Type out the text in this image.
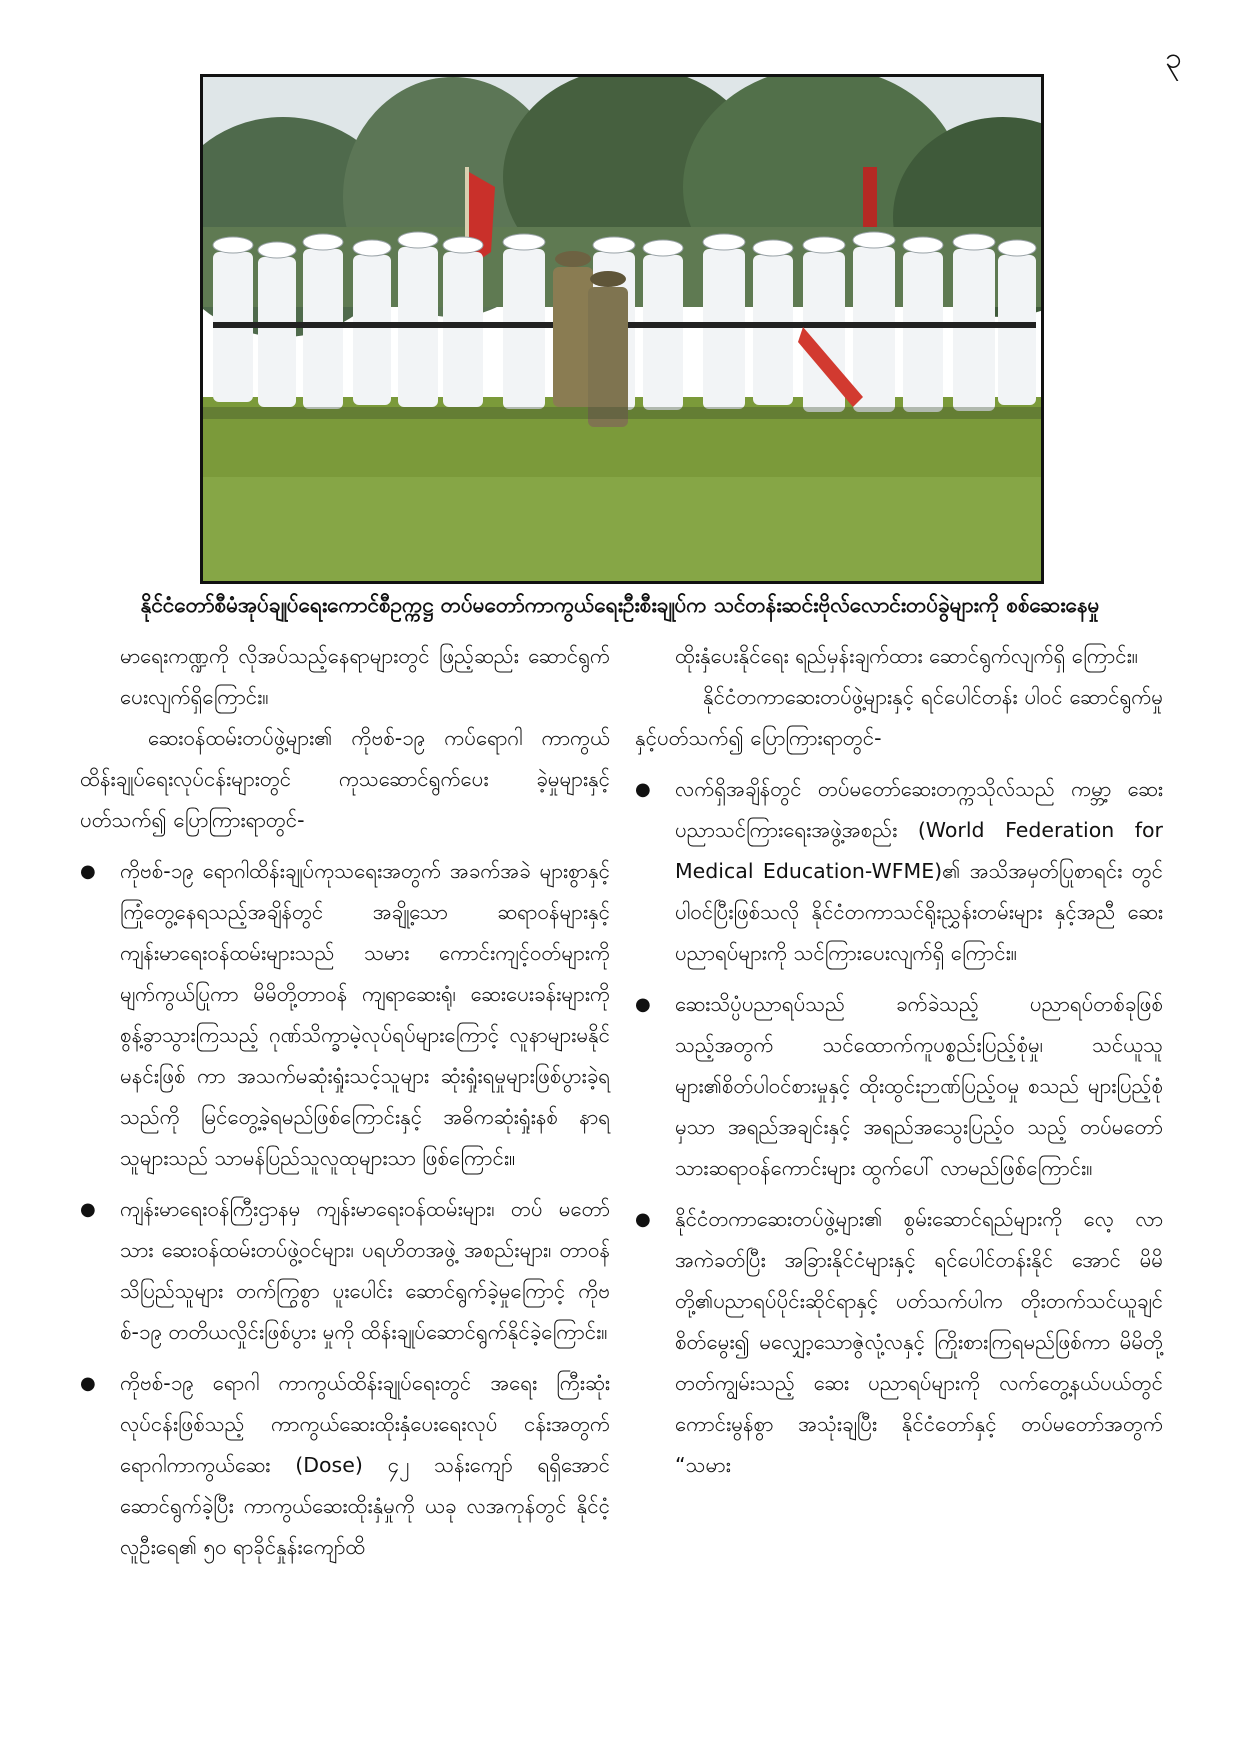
၃
နိုင်ငံတော်စီမံအုပ်ချုပ်ရေးကောင်စီဥက္ကဋ္ဌ တပ်မတော်ကာကွယ်ရေးဦးစီးချုပ်က သင်တန်းဆင်းဗိုလ်လောင်းတပ်ခွဲများကို စစ်ဆေးနေမှု

မာရေးကဏ္ဍကို လိုအပ်သည့်နေရာများတွင် ဖြည့်ဆည်း ဆောင်ရွက်ပေးလျက်ရှိကြောင်း။

ဆေးဝန်ထမ်းတပ်ဖွဲ့များ၏ ကိုဗစ်-၁၉ ကပ်ရောဂါ ကာကွယ်ထိန်းချုပ်ရေးလုပ်ငန်းများတွင် ကုသဆောင်ရွက်ပေး ခဲ့မှုများနှင့်ပတ်သက်၍ ပြောကြားရာတွင်-

● ကိုဗစ်-၁၉ ရောဂါထိန်းချုပ်ကုသရေးအတွက် အခက်အခဲ များစွာနှင့် ကြုံတွေ့နေရသည့်အချိန်တွင် အချို့သော ဆရာဝန်များနှင့် ကျန်းမာရေးဝန်ထမ်းများသည် သမား ကောင်းကျင့်ဝတ်များကို မျက်ကွယ်ပြုကာ မိမိတို့တာဝန် ကျရာဆေးရုံ၊ ဆေးပေးခန်းများကို စွန့်ခွာသွားကြသည့် ဂုဏ်သိက္ခာမဲ့လုပ်ရပ်များကြောင့် လူနာများမနိုင်မနင်းဖြစ် ကာ အသက်မဆုံးရှုံးသင့်သူများ ဆုံးရှုံးရမှုများဖြစ်ပွားခဲ့ရ သည်ကို မြင်တွေ့ခဲ့ရမည်ဖြစ်ကြောင်းနှင့် အဓိကဆုံးရှုံးနစ် နာရသူများသည် သာမန်ပြည်သူလူထုများသာ ဖြစ်ကြောင်း။

● ကျန်းမာရေးဝန်ကြီးဌာနမှ ကျန်းမာရေးဝန်ထမ်းများ၊ တပ် မတော်သား ဆေးဝန်ထမ်းတပ်ဖွဲ့ဝင်များ၊ ပရဟိတအဖွဲ့ အစည်းများ၊ တာဝန်သိပြည်သူများ တက်ကြွစွာ ပူးပေါင်း ဆောင်ရွက်ခဲ့မှုကြောင့် ကိုဗစ်-၁၉ တတိယလှိုင်းဖြစ်ပွား မှုကို ထိန်းချုပ်ဆောင်ရွက်နိုင်ခဲ့ကြောင်း။

● ကိုဗစ်-၁၉ ရောဂါ ကာကွယ်ထိန်းချုပ်ရေးတွင် အရေး ကြီးဆုံးလုပ်ငန်းဖြစ်သည့် ကာကွယ်ဆေးထိုးနှံပေးရေးလုပ် ငန်းအတွက် ရောဂါကာကွယ်ဆေး (Dose) ၄၂ သန်းကျော် ရရှိအောင် ဆောင်ရွက်ခဲ့ပြီး ကာကွယ်ဆေးထိုးနှံမှုကို ယခု လအကုန်တွင် နိုင်ငံ့လူဦးရေ၏ ၅၀ ရာခိုင်နှုန်းကျော်ထိ

ထိုးနှံပေးနိုင်ရေး ရည်မှန်းချက်ထား ဆောင်ရွက်လျက်ရှိ ကြောင်း။

နိုင်ငံတကာဆေးတပ်ဖွဲ့များနှင့် ရင်ပေါင်တန်း ပါဝင် ဆောင်ရွက်မှုနှင့်ပတ်သက်၍ ပြောကြားရာတွင်-

● လက်ရှိအချိန်တွင် တပ်မတော်ဆေးတက္ကသိုလ်သည် ကမ္ဘာ့ ဆေးပညာသင်ကြားရေးအဖွဲ့အစည်း (World Federation for Medical Education-WFME)၏ အသိအမှတ်ပြုစာရင်း တွင် ပါဝင်ပြီးဖြစ်သလို နိုင်ငံတကာသင်ရိုးညွှန်းတမ်းများ နှင့်အညီ ဆေးပညာရပ်များကို သင်ကြားပေးလျက်ရှိ ကြောင်း။

● ဆေးသိပ္ပံပညာရပ်သည် ခက်ခဲသည့် ပညာရပ်တစ်ခုဖြစ် သည့်အတွက် သင်ထောက်ကူပစ္စည်းပြည့်စုံမှု၊ သင်ယူသူ များ၏စိတ်ပါဝင်စားမှုနှင့် ထိုးထွင်းဉာဏ်ပြည့်ဝမှု စသည် များပြည့်စုံမှသာ အရည်အချင်းနှင့် အရည်အသွေးပြည့်ဝ သည့် တပ်မတော်သားဆရာဝန်ကောင်းများ ထွက်ပေါ် လာမည်ဖြစ်ကြောင်း။

● နိုင်ငံတကာဆေးတပ်ဖွဲ့များ၏ စွမ်းဆောင်ရည်များကို လေ့ လာအကဲခတ်ပြီး အခြားနိုင်ငံများနှင့် ရင်ပေါင်တန်းနိုင် အောင် မိမိတို့၏ပညာရပ်ပိုင်းဆိုင်ရာနှင့် ပတ်သက်ပါက တိုးတက်သင်ယူချင်စိတ်မွေး၍ မလျှော့သောဇွဲလုံ့လနှင့် ကြိုးစားကြရမည်ဖြစ်ကာ မိမိတို့တတ်ကျွမ်းသည့် ဆေး ပညာရပ်များကို လက်တွေ့နယ်ပယ်တွင် ကောင်းမွန်စွာ အသုံးချပြီး နိုင်ငံတော်နှင့် တပ်မတော်အတွက် “သမား
